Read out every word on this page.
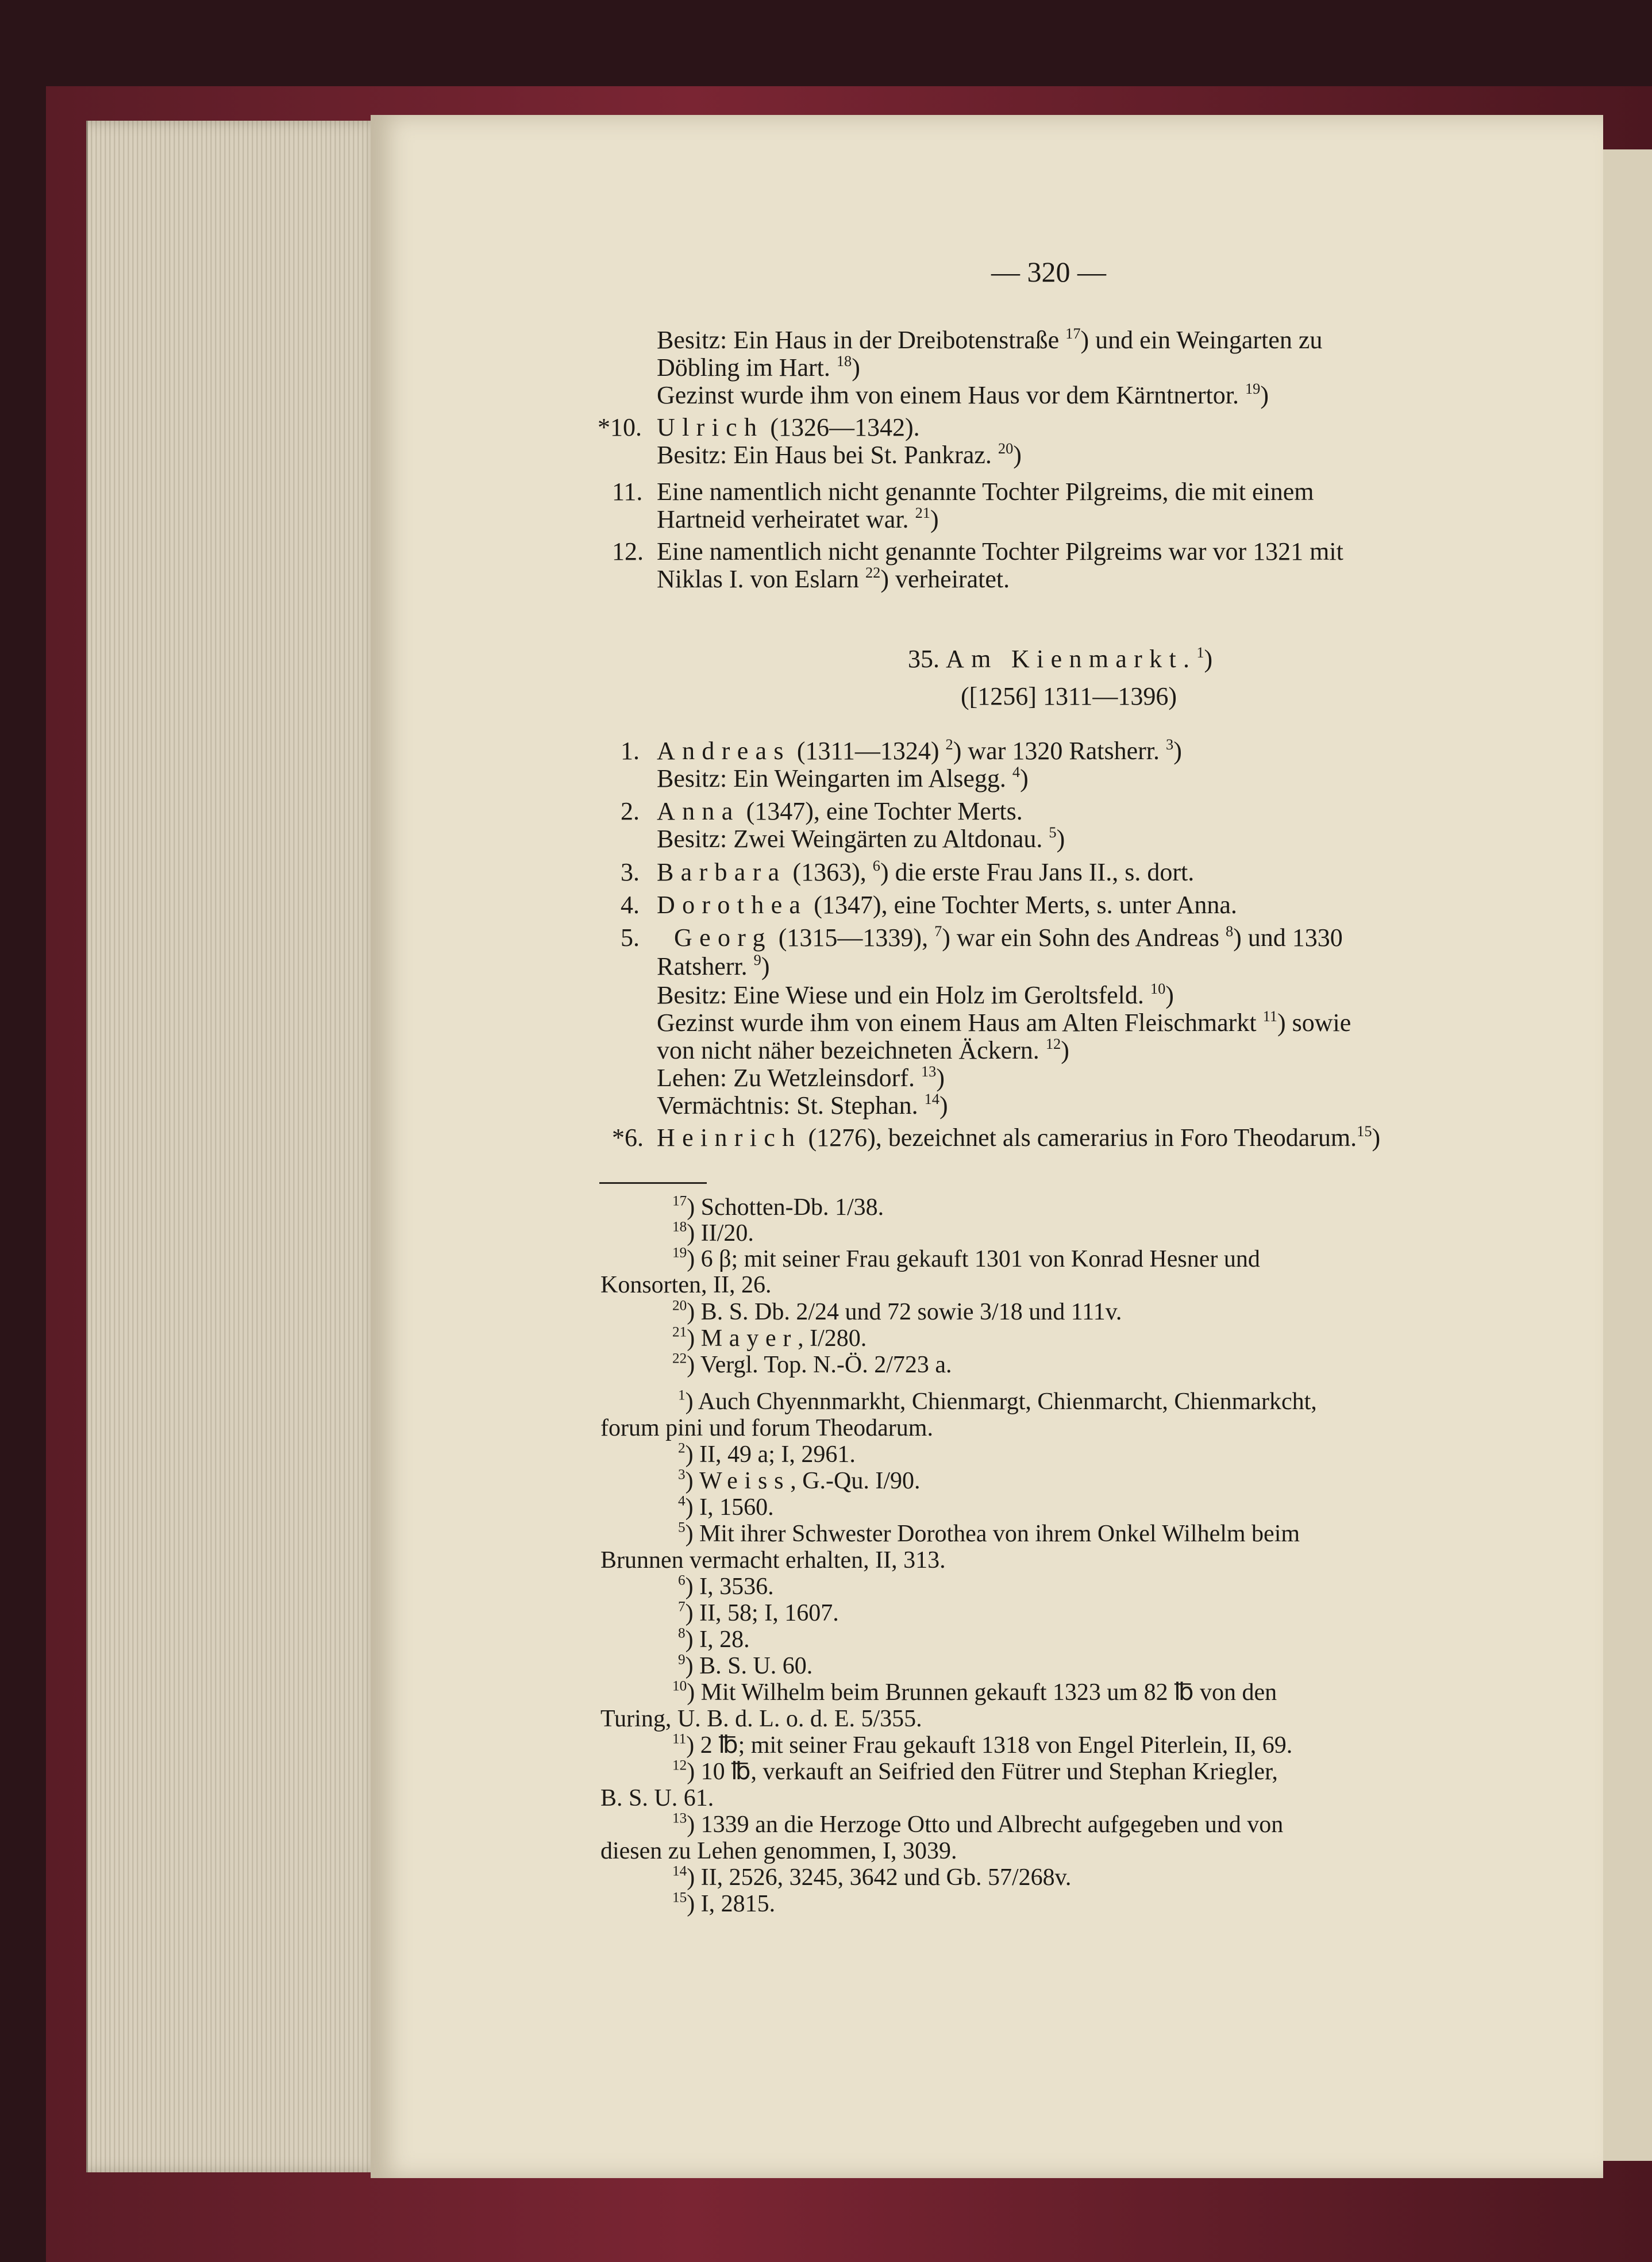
— 320 —
Besitz: Ein Haus in der Dreibotenstraße $^{17}$) und ein Weingarten zu
Döbling im Hart. $^{18}$)
Gezinst wurde ihm von einem Haus vor dem Kärntnertor. $^{19}$)
*10. Ulrich (1326—1342).
Besitz: Ein Haus bei St. Pankraz. $^{20}$)
11. Eine namentlich nicht genannte Tochter Pilgreims, die mit einem
Hartneid verheiratet war. $^{21}$)
12. Eine namentlich nicht genannte Tochter Pilgreims war vor 1321 mit
Niklas I. von Eslarn $^{22}$) verheiratet.
35. Am Kienmarkt.$^1$)
([1256] 1311—1396)
1. Andreas (1311—1324) $^2$) war 1320 Ratsherr. $^3$)
Besitz: Ein Weingarten im Alsegg. $^4$)
2. Anna (1347), eine Tochter Merts.
Besitz: Zwei Weingärten zu Altdonau. $^5$)
3. Barbara (1363), $^6$) die erste Frau Jans II., s. dort.
4. Dorothea (1347), eine Tochter Merts, s. unter Anna.
5.	Georg (1315—1339), $^7$) war ein Sohn des Andreas $^8$) und 1330
Ratsherr. $^9$)
Besitz: Eine Wiese und ein Holz im Geroltsfeld. $^{10}$)
Gezinst wurde ihm von einem Haus am Alten Fleischmarkt $^{11}$) sowie
von nicht näher bezeichneten Äckern. $^{12}$)
Lehen: Zu Wetzleinsdorf. $^{13}$)
Vermächtnis: St. Stephan. $^{14}$)
*6. Heinrich (1276), bezeichnet als camerarius in Foro Theodarum.$^{15}$)
$^{17}$) Schotten-Db. 1/38.
$^{18}$) II/20.
$^{19}$) 6 β; mit seiner Frau gekauft 1301 von Konrad Hesner und
Konsorten, II, 26.
$^{20}$) B. S. Db. 2/24 und 72 sowie 3/18 und 111v.
$^{21}$) Mayer, I/280.
$^{22}$) Vergl. Top. N.-Ö. 2/723 a.
$^1$) Auch Chyennmarkht, Chienmargt, Chienmarcht, Chienmarkcht,
forum pini und forum Theodarum.
$^2$) II, 49 a; I, 2961.
$^3$) Weiss, G.-Qu. I/90.
$^4$) I, 1560.
$^5$) Mit ihrer Schwester Dorothea von ihrem Onkel Wilhelm beim
Brunnen vermacht erhalten, II, 313.
$^6$) I, 3536.
$^7$) II, 58; I, 1607.
$^8$) I, 28.
$^9$) B. S. U. 60.
$^{10}$) Mit Wilhelm beim Brunnen gekauft 1323 um 82 ℔ von den
Turing, U. B. d. L. o. d. E. 5/355.
$^{11}$) 2 ℔; mit seiner Frau gekauft 1318 von Engel Piterlein, II, 69.
$^{12}$) 10 ℔, verkauft an Seifried den Fütrer und Stephan Kriegler,
B. S. U. 61.
$^{13}$) 1339 an die Herzoge Otto und Albrecht aufgegeben und von
diesen zu Lehen genommen, I, 3039.
$^{14}$) II, 2526, 3245, 3642 und Gb. 57/268v.
$^{15}$) I, 2815.
